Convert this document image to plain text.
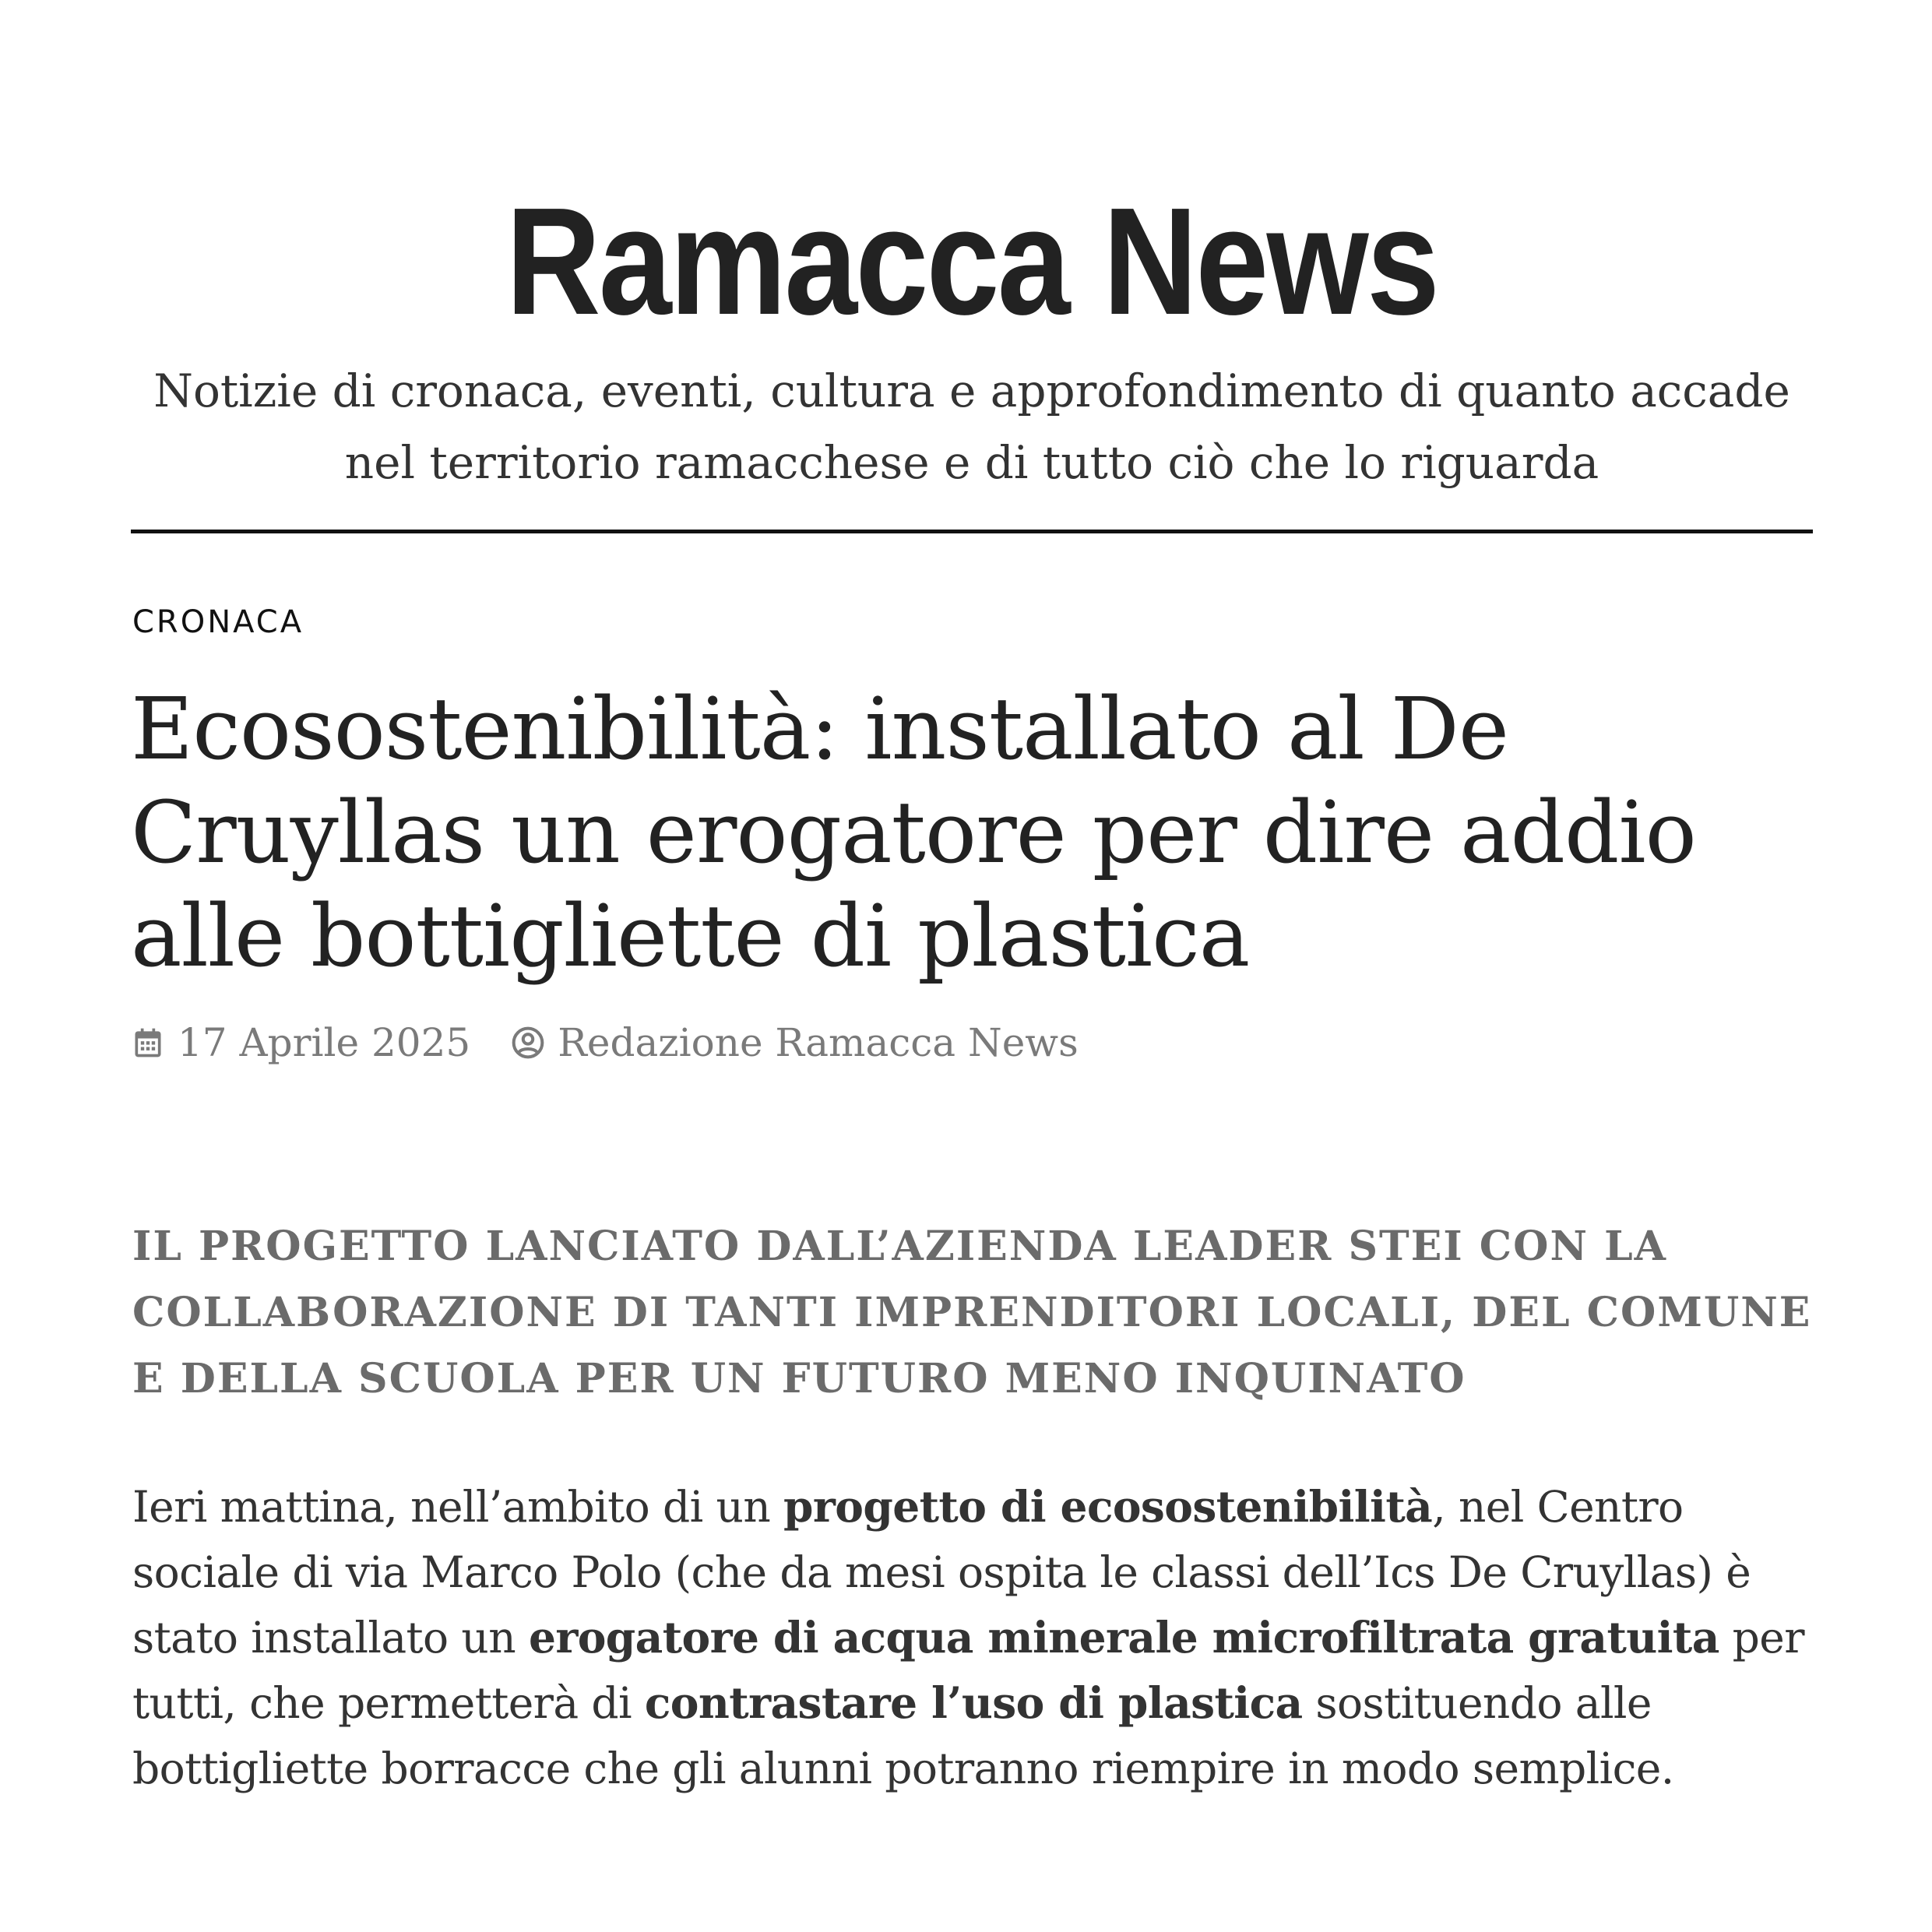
Ramacca News

Notizie di cronaca, eventi, cultura e approfondimento di quanto accade nel territorio ramacchese e di tutto ciò che lo riguarda

CRONACA
Ecosostenibilità: installato al De Cruyllas un erogatore per dire addio alle bottigliette di plastica
17 Aprile 2025 Redazione Ramacca News
IL PROGETTO LANCIATO DALL’AZIENDA LEADER STEI CON LA COLLABORAZIONE DI TANTI IMPRENDITORI LOCALI, DEL COMUNE E DELLA SCUOLA PER UN FUTURO MENO INQUINATO

Ieri mattina, nell’ambito di un progetto di ecosostenibilità, nel Centro sociale di via Marco Polo (che da mesi ospita le classi dell’Ics De Cruyllas) è stato installato un erogatore di acqua minerale microfiltrata gratuita per tutti, che permetterà di contrastare l’uso di plastica sostituendo alle bottigliette borracce che gli alunni potranno riempire in modo semplice.
